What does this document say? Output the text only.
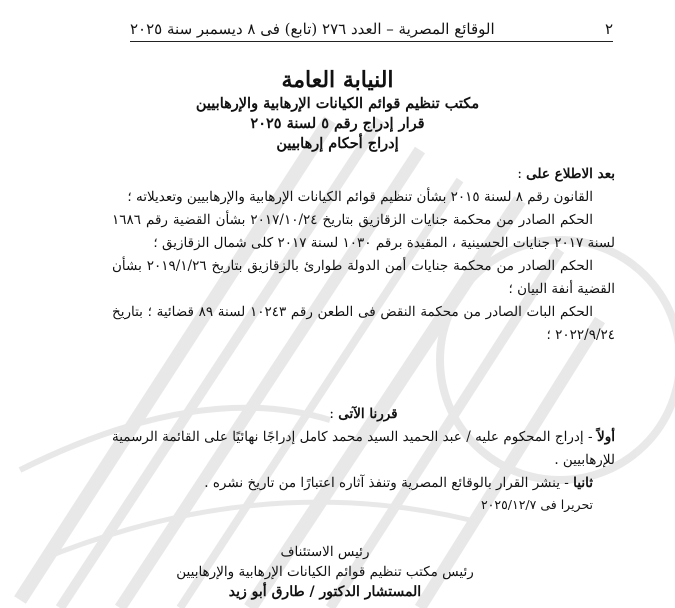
٢
الوقائع المصرية – العدد ٢٧٦ (تابع) فى ٨ ديسمبر سنة ٢٠٢٥
النيابة العامة
مكتب تنظيم قوائم الكيانات الإرهابية والإرهابيين
قرار إدراج رقم ٥ لسنة ٢٠٢٥
إدراج أحكام إرهابيين
بعد الاطلاع على :
القانون رقم ٨ لسنة ٢٠١٥ بشأن تنظيم قوائم الكيانات الإرهابية والإرهابيين وتعديلاته ؛
الحكم الصادر من محكمة جنايات الزقازيق بتاريخ ٢٠١٧/١٠/٢٤ بشأن القضية رقم ١٦٨٦ لسنة ٢٠١٧ جنايات الحسينية ، المقيدة برقم ١٠٣٠ لسنة ٢٠١٧ كلى شمال الزقازيق ؛
الحكم الصادر من محكمة جنايات أمن الدولة طوارئ بالزقازيق بتاريخ ٢٠١٩/١/٢٦ بشأن القضية أنفة البيان ؛
الحكم البات الصادر من محكمة النقض فى الطعن رقم ١٠٢٤٣ لسنة ٨٩ قضائية ؛ بتاريخ ٢٠٢٢/٩/٢٤ ؛
قررنا الآتى :
أولاً - إدراج المحكوم عليه / عبد الحميد السيد محمد كامل إدراجًا نهائيًا على القائمة الرسمية للإرهابيين .
ثانيا - ينشر القرار بالوقائع المصرية وتنفذ آثاره اعتبارًا من تاريخ نشره .
تحريرا فى ٢٠٢٥/١٢/٧
رئيس الاستئناف
رئيس مكتب تنظيم قوائم الكيانات الإرهابية والإرهابيين
المستشار الدكتور / طارق أبو زيد
